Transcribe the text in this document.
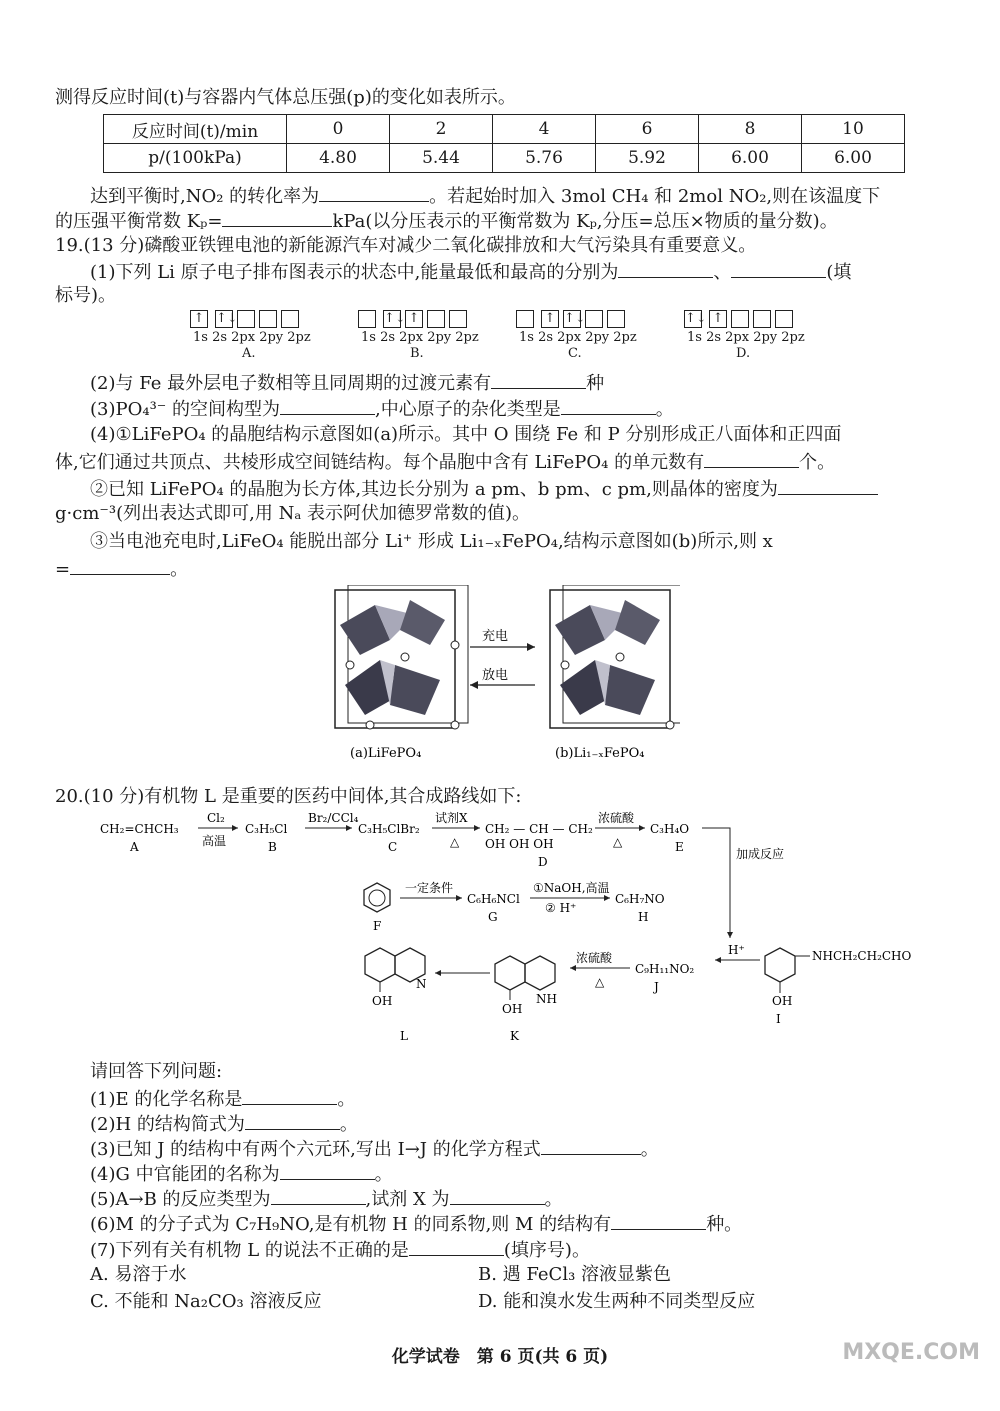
测得反应时间(t)与容器内气体总压强(p)的变化如表所示。
反应时间(t)/min	0	2	4	6	8	10
p/(100kPa)	4.80	5.44	5.76	5.92	6.00	6.00
达到平衡时,NO₂ 的转化率为	。若起始时加入 3mol CH₄ 和 2mol NO₂,则在该温度下
的压强平衡常数 Kₚ=	kPa(以分压表示的平衡常数为 Kₚ,分压=总压×物质的量分数)。
19.(13 分)磷酸亚铁锂电池的新能源汽车对减少二氧化碳排放和大气污染具有重要意义。
(1)下列 Li 原子电子排布图表示的状态中,能量最低和最高的分别为	、	(填
标号)。
↑ ↑↓
1s 2s 2px 2py 2pz
A.
↑↓ ↑
1s 2s 2px 2py 2pz
B.
↑ ↑↓
1s 2s 2px 2py 2pz
C.
↑↓ ↑
1s 2s 2px 2py 2pz
D.
(2)与 Fe 最外层电子数相等且同周期的过渡元素有	种
(3)PO₄³⁻ 的空间构型为	,中心原子的杂化类型是	。
(4)①LiFePO₄ 的晶胞结构示意图如(a)所示。其中 O 围绕 Fe 和 P 分别形成正八面体和正四面
体,它们通过共顶点、共棱形成空间链结构。每个晶胞中含有 LiFePO₄ 的单元数有	个。
②已知 LiFePO₄ 的晶胞为长方体,其边长分别为 a pm、b pm、c pm,则晶体的密度为
g·cm⁻³(列出表达式即可,用 Nₐ 表示阿伏加德罗常数的值)。
③当电池充电时,LiFeO₄ 能脱出部分 Li⁺ 形成 Li₁₋ₓFePO₄,结构示意图如(b)所示,则 x
=	。
充电
放电
(a)LiFePO₄	(b)Li₁₋ₓFePO₄
20.(10 分)有机物 L 是重要的医药中间体,其合成路线如下:
CH₂=CHCH₃
A
Cl₂
高温
C₃H₅Cl
B
Br₂/CCl₄
C₃H₅ClBr₂
C
试剂X
△
CH₂ — CH — CH₂
OH OH OH
D
浓硫酸
△
C₃H₄O
E	加成反应
F
一定条件
C₆H₆NCl
G
①NaOH,高温
② H⁺
C₆H₇NO
H
NHCH₂CH₂CHO
OH
I
H⁺
C₉H₁₁NO₂
J
浓硫酸
△
NH
OH
K
N
OH
L
请回答下列问题:
(1)E 的化学名称是	。
(2)H 的结构简式为	。
(3)已知 J 的结构中有两个六元环,写出 I→J 的化学方程式	。
(4)G 中官能团的名称为	。
(5)A→B 的反应类型为	,试剂 X 为	。
(6)M 的分子式为 C₇H₉NO,是有机物 H 的同系物,则 M 的结构有	种。
(7)下列有关有机物 L 的说法不正确的是	(填序号)。
A. 易溶于水	B. 遇 FeCl₃ 溶液显紫色
C. 不能和 Na₂CO₃ 溶液反应	D. 能和溴水发生两种不同类型反应
化学试卷　第 6 页(共 6 页)	MXQE.COM
